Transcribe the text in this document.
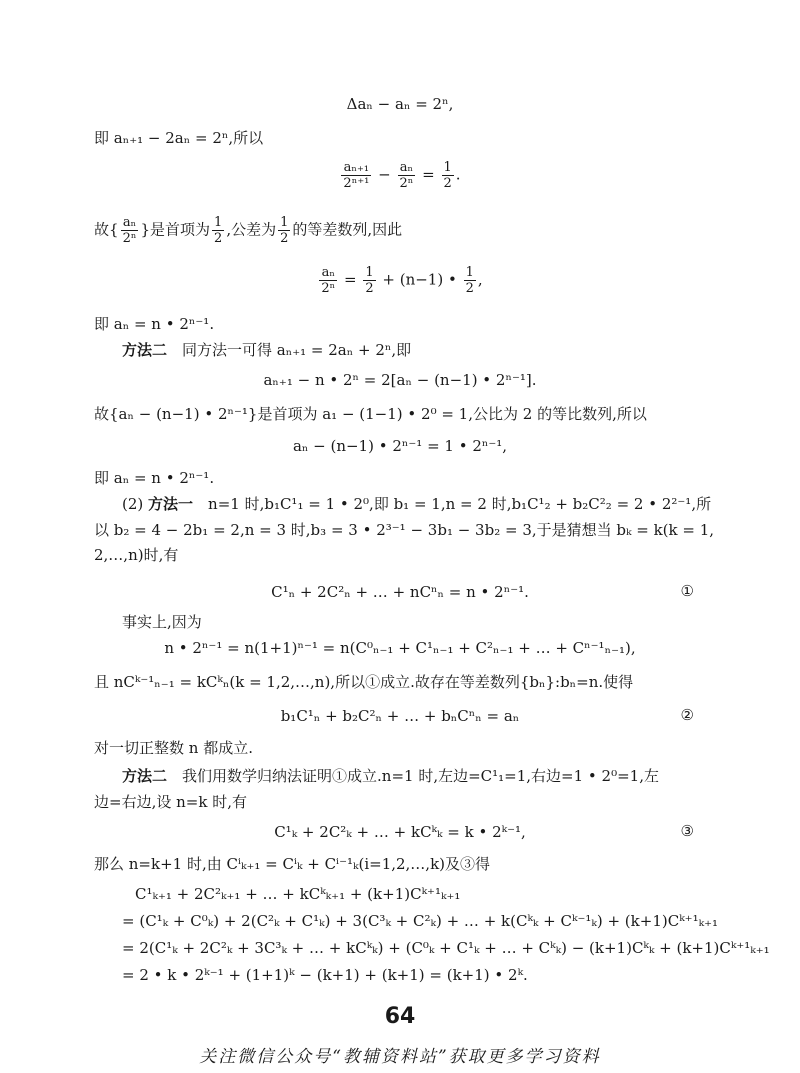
Δaₙ − aₙ = 2ⁿ,
即 aₙ₊₁ − 2aₙ = 2ⁿ,所以
$\frac{\text{aₙ₊₁}}{\text{2ⁿ⁺¹}} - \frac{\text{aₙ}}{\text{2ⁿ}} = \frac{1}{2}$ .
故{ $\frac{\text{aₙ}}{\text{2ⁿ}}$ }是首项为 $\frac{1}{2}$ ,公差为 $\frac{1}{2}$ 的等差数列,因此
$\frac{\text{aₙ}}{\text{2ⁿ}} = \frac{1}{2} + (n-1)$ • $\frac{1}{2}$ ,
即 aₙ = n • 2ⁿ⁻¹.
方法二　同方法一可得 aₙ₊₁ = 2aₙ + 2ⁿ,即
aₙ₊₁ − n • 2ⁿ = 2[aₙ − (n−1) • 2ⁿ⁻¹].
故{aₙ − (n−1) • 2ⁿ⁻¹}是首项为 a₁ − (1−1) • 2⁰ = 1,公比为 2 的等比数列,所以
aₙ − (n−1) • 2ⁿ⁻¹ = 1 • 2ⁿ⁻¹,
即 aₙ = n • 2ⁿ⁻¹.
(2) 方法一　n=1 时,b₁C¹₁ = 1 • 2⁰,即 b₁ = 1,n = 2 时,b₁C¹₂ + b₂C²₂ = 2 • 2²⁻¹,所
以 b₂ = 4 − 2b₁ = 2,n = 3 时,b₃ = 3 • 2³⁻¹ − 3b₁ − 3b₂ = 3,于是猜想当 bₖ = k(k = 1,
2,…,n)时,有
C¹ₙ + 2C²ₙ + … + nCⁿₙ = n • 2ⁿ⁻¹.	①
事实上,因为
n • 2ⁿ⁻¹ = n(1+1)ⁿ⁻¹ = n(C⁰ₙ₋₁ + C¹ₙ₋₁ + C²ₙ₋₁ + … + Cⁿ⁻¹ₙ₋₁),
且 nCᵏ⁻¹ₙ₋₁ = kCᵏₙ(k = 1,2,…,n),所以①成立.故存在等差数列{bₙ}:bₙ=n.使得
b₁C¹ₙ + b₂C²ₙ + … + bₙCⁿₙ = aₙ	②
对一切正整数 n 都成立.
方法二　我们用数学归纳法证明①成立.n=1 时,左边=C¹₁=1,右边=1 • 2⁰=1,左
边=右边,设 n=k 时,有
C¹ₖ + 2C²ₖ + … + kCᵏₖ = k • 2ᵏ⁻¹,	③
那么 n=k+1 时,由 Cⁱₖ₊₁ = Cⁱₖ + Cⁱ⁻¹ₖ(i=1,2,…,k)及③得
C¹ₖ₊₁ + 2C²ₖ₊₁ + … + kCᵏₖ₊₁ + (k+1)Cᵏ⁺¹ₖ₊₁
= (C¹ₖ + C⁰ₖ) + 2(C²ₖ + C¹ₖ) + 3(C³ₖ + C²ₖ) + … + k(Cᵏₖ + Cᵏ⁻¹ₖ) + (k+1)Cᵏ⁺¹ₖ₊₁
= 2(C¹ₖ + 2C²ₖ + 3C³ₖ + … + kCᵏₖ) + (C⁰ₖ + C¹ₖ + … + Cᵏₖ) − (k+1)Cᵏₖ + (k+1)Cᵏ⁺¹ₖ₊₁
= 2 • k • 2ᵏ⁻¹ + (1+1)ᵏ − (k+1) + (k+1) = (k+1) • 2ᵏ.
64
关注微信公众号“教辅资料站”获取更多学习资料
